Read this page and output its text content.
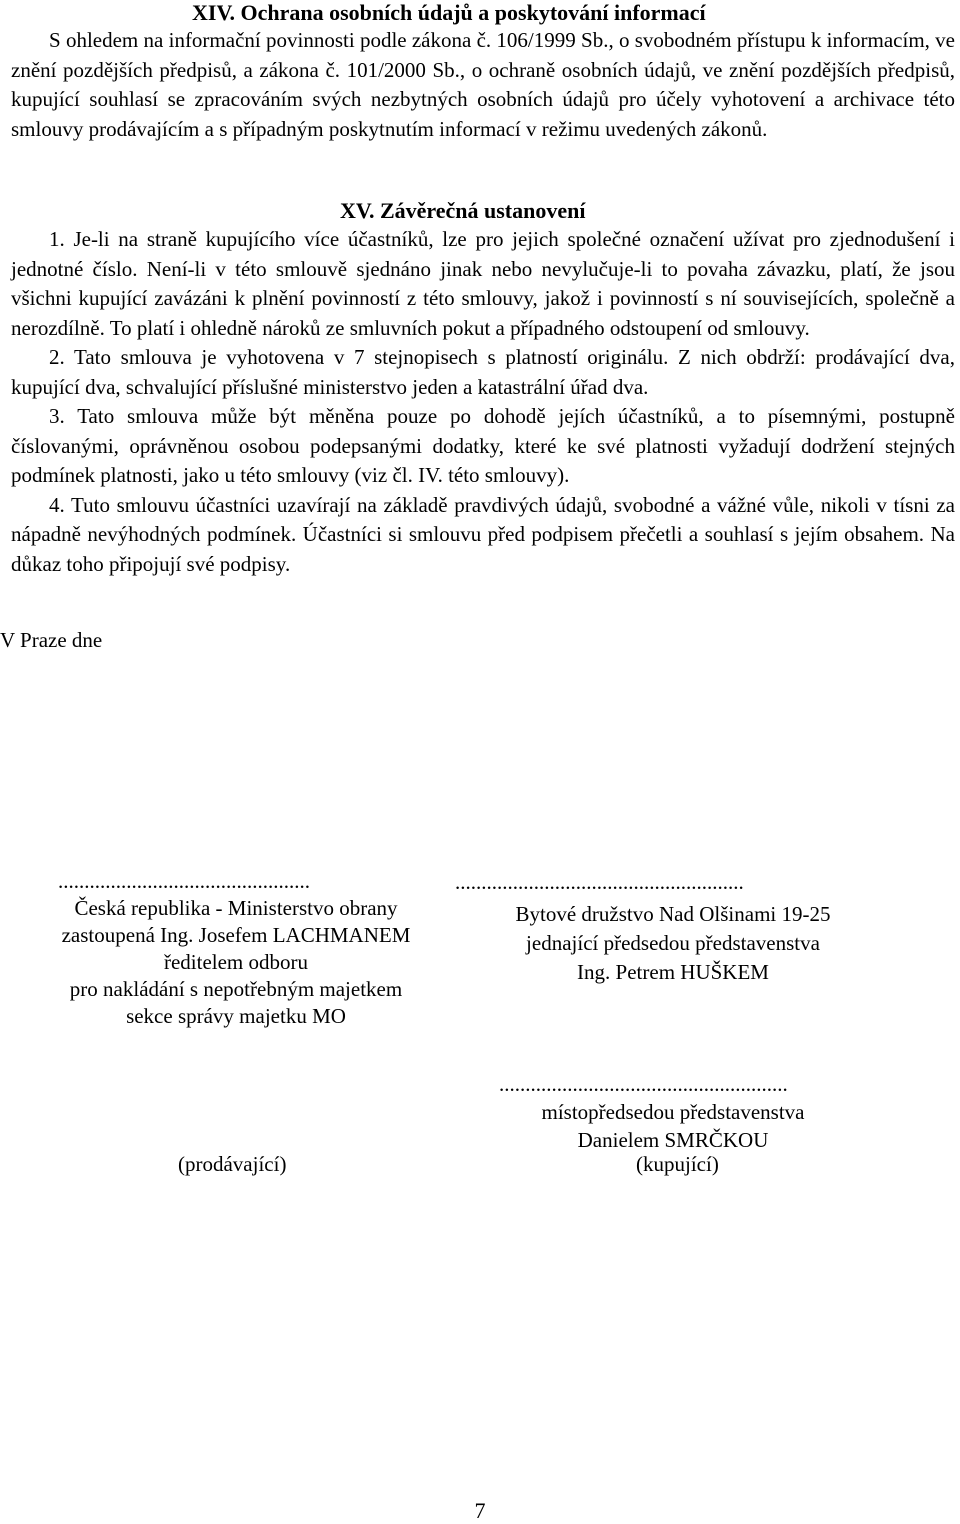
XIV. Ochrana osobních údajů a poskytování informací

S ohledem na informační povinnosti podle zákona č. 106/1999 Sb., o svobodném přístupu k informacím, ve znění pozdějších předpisů, a zákona č. 101/2000 Sb., o ochraně osobních údajů, ve znění pozdějších předpisů, kupující souhlasí se zpracováním svých nezbytných osobních údajů pro účely vyhotovení a archivace této smlouvy prodávajícím a s případným poskytnutím informací v režimu uvedených zákonů.

XV. Závěrečná ustanovení

1. Je-li na straně kupujícího více účastníků, lze pro jejich společné označení užívat pro zjednodušení i jednotné číslo. Není-li v této smlouvě sjednáno jinak nebo nevylučuje-li to povaha závazku, platí, že jsou všichni kupující zavázáni k plnění povinností z této smlouvy, jakož i povinností s ní souvisejících, společně a nerozdílně. To platí i ohledně nároků ze smluvních pokut a případného odstoupení od smlouvy.

2. Tato smlouva je vyhotovena v 7 stejnopisech s platností originálu. Z nich obdrží: prodávající dva, kupující dva, schvalující příslušné ministerstvo jeden a katastrální úřad dva.

3. Tato smlouva může být měněna pouze po dohodě jejích účastníků, a to písemnými, postupně číslovanými, oprávněnou osobou podepsanými dodatky, které ke své platnosti vyžadují dodržení stejných podmínek platnosti, jako u této smlouvy (viz čl. IV. této smlouvy).

4. Tuto smlouvu účastníci uzavírají na základě pravdivých údajů, svobodné a vážné vůle, nikoli v tísni za nápadně nevýhodných podmínek. Účastníci si smlouvu před podpisem přečetli a souhlasí s jejím obsahem. Na důkaz toho připojují své podpisy.

V Praze dne
................................................
Česká republika - Ministerstvo obrany
zastoupená Ing. Josefem LACHMANEM
ředitelem odboru
pro nakládání s nepotřebným majetkem
sekce správy majetku MO
.......................................................
Bytové družstvo Nad Olšinami 19-25
jednající předsedou představenstva
Ing. Petrem HUŠKEM
.......................................................
místopředsedou představenstva
Danielem SMRČKOU
(prodávající)	(kupující)
7
